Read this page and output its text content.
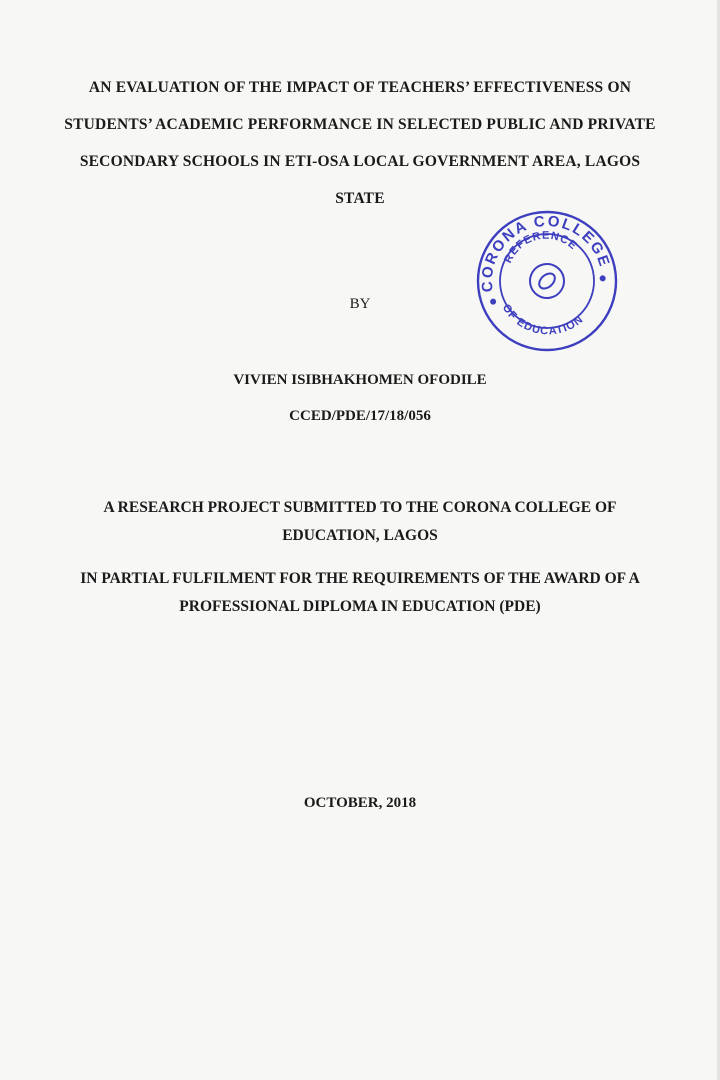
AN EVALUATION OF THE IMPACT OF TEACHERS’ EFFECTIVENESS ON
STUDENTS’ ACADEMIC PERFORMANCE IN SELECTED PUBLIC AND PRIVATE
SECONDARY SCHOOLS IN ETI-OSA LOCAL GOVERNMENT AREA, LAGOS
STATE
CORONA COLLEGE
REFERENCE
OF EDUCATION
BY
VIVIEN ISIBHAKHOMEN OFODILE
CCED/PDE/17/18/056
A RESEARCH PROJECT SUBMITTED TO THE CORONA COLLEGE OF
EDUCATION, LAGOS
IN PARTIAL FULFILMENT FOR THE REQUIREMENTS OF THE AWARD OF A
PROFESSIONAL DIPLOMA IN EDUCATION (PDE)
OCTOBER, 2018
